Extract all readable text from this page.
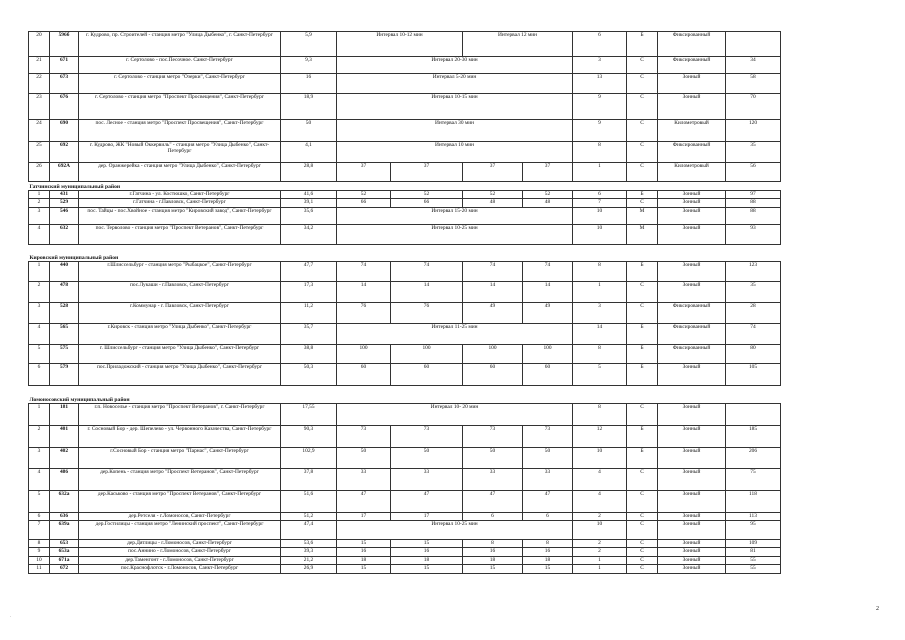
20	596б	г. Кудрово, пр. Строителей - станция метро "Улица Дыбенко", г. Санкт-Петербург	5,9	Интервал 10-12 мин		Интервал 12 мин		6	Б	Фиксированный	
21	671	г. Сертолово - пос.Песочное. Санкт-Петербург	9,3	Интервал 20-30 мин				3	С	Фиксированный	34
22	673	г. Сертолово - станция метро "Озерки", Санкт-Петербург	16	Интервал 5-20 мин				13	С	Зонный	58
23	676	г. Сертолово - станция метро "Проспект Просвещения", Санкт-Петербург	18,9	Интервал 10-15 мин				9	С	Зонный	70
24	690	пос. Лесное - станция метро "Проспект Просвещения", Санкт-Петербург	50	Интервал 30 мин				9	С	Километровый	120
25	692	г. Кудрово, ЖК "Новый Оккервиль" - станция метро "Улица Дыбенко", Санкт-Петербург	4,1	Интервал 10 мин				8	С	Фиксированный	35
26	692А	дер. Оранжерейка - станция метро "Улица Дыбенко", Санкт-Петербург	28,8	37	37	37	37	1	С	Километровый	56
Гатчинский муниципальный район											
1	431	г.Гатчина - ул. Костюшко, Санкт-Петербург	41,6	52	52	52	52	6	Б	Зонный	97
2	529	г.Гатчина - г.Павловск, Санкт-Петербург	39,1	66	66	48	48	7	С	Зонный	88
3	546	пос. Тайцы - пос.Хвойное - станция метро "Кировский завод", Санкт-Петербург	35,6	Интервал 15-20 мин				10	М	Зонный	88
4	632	пос. Терволово - станция метро "Проспект Ветеранов", Санкт-Петербург	34,2	Интервал 10-25 мин				10	М	Зонный	93
Кировский муниципальный район											
1	440	г.Шлиссельбург - станция метро "Рыбацкое", Санкт-Петербург	47,7	74	74	74	74	8	Б	Зонный	123
2	478	пос.Лукаши - г.Павловск, Санкт-Петербург	17,3	14	14	14	14	1	С	Зонный	35
3	528	г.Коммунар - г. Павловск, Санкт-Петербург	11,2	76	76	49	49	3	С	Фиксированный	28
4	565	г.Кировск - станция метро "Улица Дыбенко", Санкт-Петербург	35,7	Интервал 11-25 мин				14	Б	Фиксированный	74
5	575	г. Шлиссельбург - станция метро "Улица Дыбенко", Санкт-Петербург	38,8	100	100	100	100	8	Б	Фиксированный	80
6	579	пос.Приладожский - станция метро "Улица Дыбенко", Санкт-Петербург	50,3	60	60	60	60	5	Б	Зонный	105
Ломоносовский муниципальный район											
1	181	г.п. Новоселье - станция метро "Проспект Ветеранов", г. Санкт-Петербург	17,55	Интервал 10- 20 мин				8	С	Зонный	
2	401	г. Сосновый Бор - дер. Шепелево - ул. Червонного Казачества, Санкт-Петербург	90,3	73	73	73	73	12	Б	Зонный	185
3	402	г.Сосновый Бор - станция метро "Парнас", Санкт-Петербург	102,9	50	50	50	50	10	Б	Зонный	206
4	486	дер.Копень - станция метро "Проспект Ветеранов", Санкт-Петербург	37,8	33	33	33	33	4	С	Зонный	75
5	632а	дер.Каськово - станция метро "Проспект Ветеранов", Санкт-Петербург	51,6	47	47	47	47	4	С	Зонный	118
6	636	дер.Ретселя - г.Ломоносов, Санкт-Петербург	51,2	17	17	6	6	2	С	Зонный	113
7	639а	дер.Гостилицы - станция метро "Ленинский проспект", Санкт-Петербург	47,4	Интервал 10-25 мин				10	С	Зонный	95
8	653	дер.Дятлицы - г.Ломоносов, Санкт-Петербург	53,6	15	15	8	8	2	С	Зонный	109
9	653а	пос.Аннино - г.Ломоносов, Санкт-Петербург	39,3	16	16	16	16	2	С	Зонный	81
10	671а	дер.Таменгонт - г.Ломоносов, Санкт-Петербург	21,2	18	18	18	18	1	С	Зонный	55
11	672	пос.Краснофлотск - г.Ломоносов, Санкт-Петербург	26,9	15	15	15	15	1	С	Зонный	55
2
.
